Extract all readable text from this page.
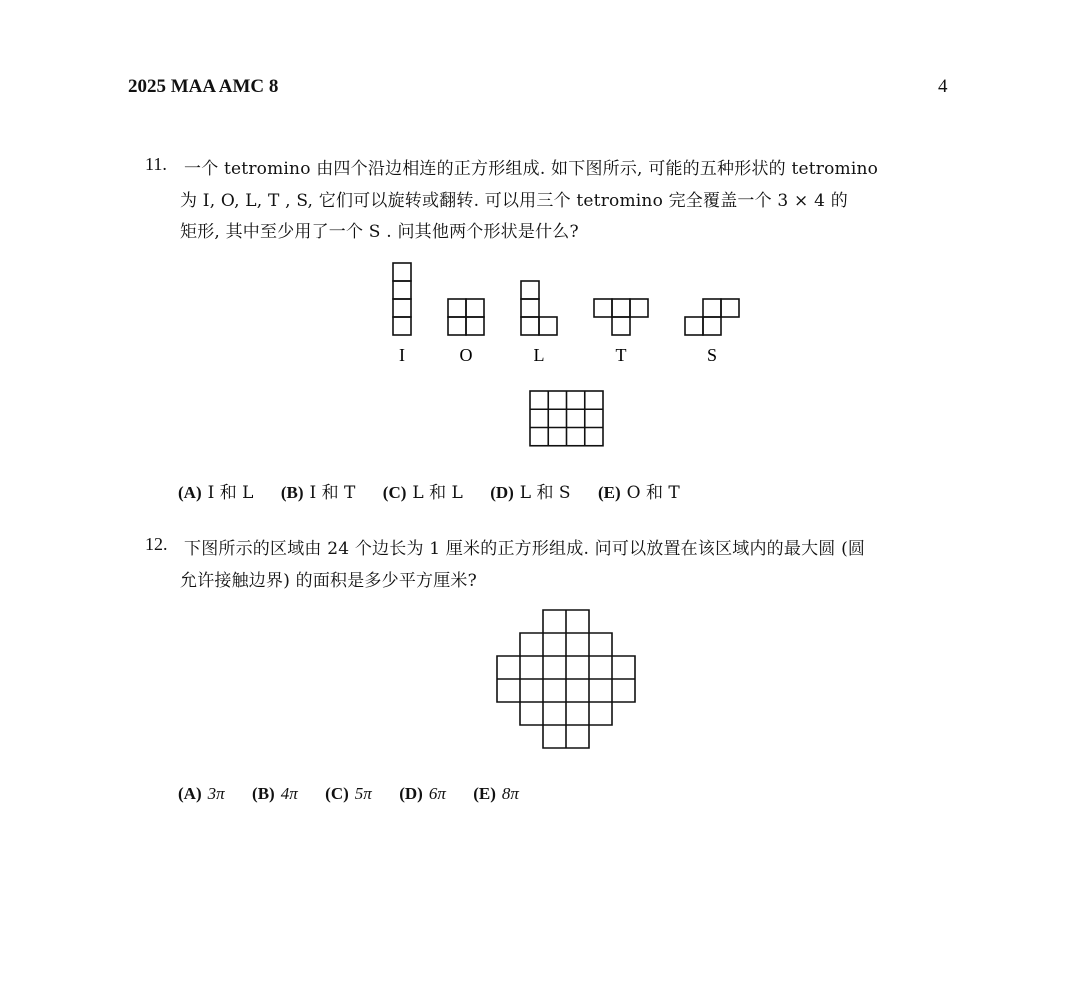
2025 MAA AMC 8	4
11. 一个 tetromino 由四个沿边相连的正方形组成. 如下图所示, 可能的五种形状的 tetromino
为 I, O, L, T , S, 它们可以旋转或翻转. 可以用三个 tetromino 完全覆盖一个 3 × 4 的
矩形, 其中至少用了一个 S . 问其他两个形状是什么?
I	O	L	T	S
(A) I 和 L (B) I 和 T (C) L 和 L (D) L 和 S (E) O 和 T
12. 下图所示的区域由 24 个边长为 1 厘米的正方形组成. 问可以放置在该区域内的最大圆 (圆
允许接触边界) 的面积是多少平方厘米?
(A) 3π (B) 4π (C) 5π (D) 6π (E) 8π
